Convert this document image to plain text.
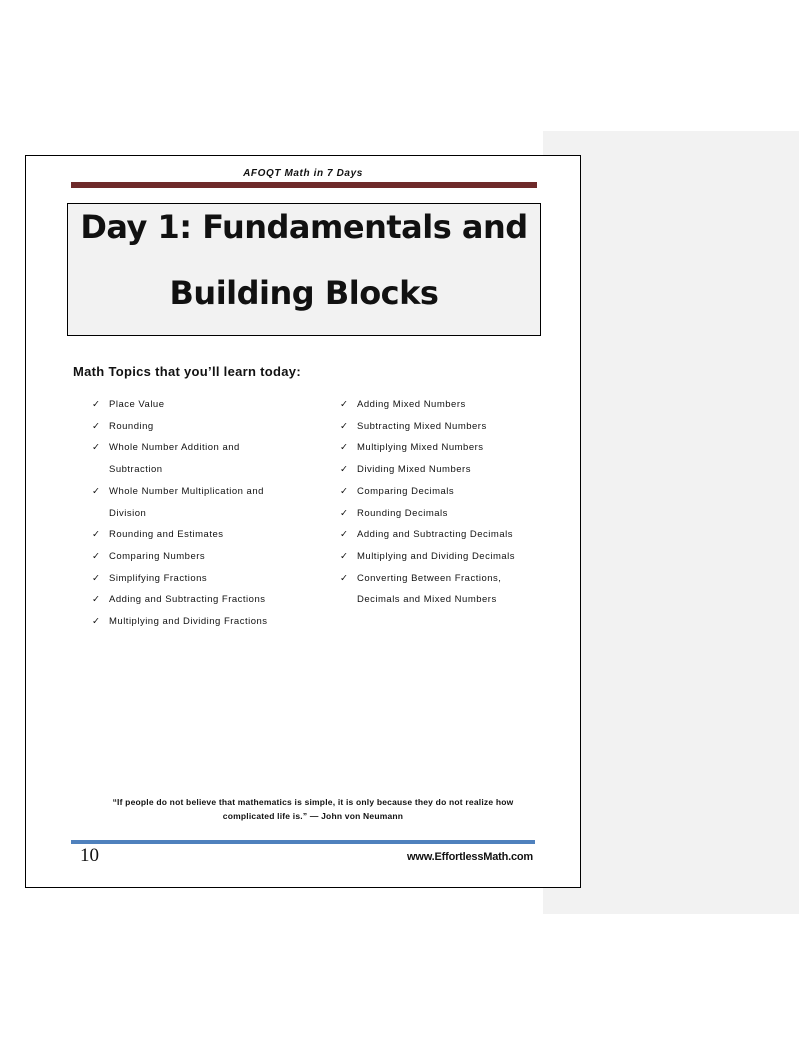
AFOQT Math in 7 Days
Day 1: Fundamentals and
Building Blocks
Math Topics that you’ll learn today:
✓ Place Value
✓ Rounding
✓ Whole Number Addition and
Subtraction
✓ Whole Number Multiplication and
Division
✓ Rounding and Estimates
✓ Comparing Numbers
✓ Simplifying Fractions
✓ Adding and Subtracting Fractions
✓ Multiplying and Dividing Fractions
✓ Adding Mixed Numbers
✓ Subtracting Mixed Numbers
✓ Multiplying Mixed Numbers
✓ Dividing Mixed Numbers
✓ Comparing Decimals
✓ Rounding Decimals
✓ Adding and Subtracting Decimals
✓ Multiplying and Dividing Decimals
✓ Converting Between Fractions,
Decimals and Mixed Numbers
“If people do not believe that mathematics is simple, it is only because they do not realize how
complicated life is.” — John von Neumann
10	www.EffortlessMath.com
